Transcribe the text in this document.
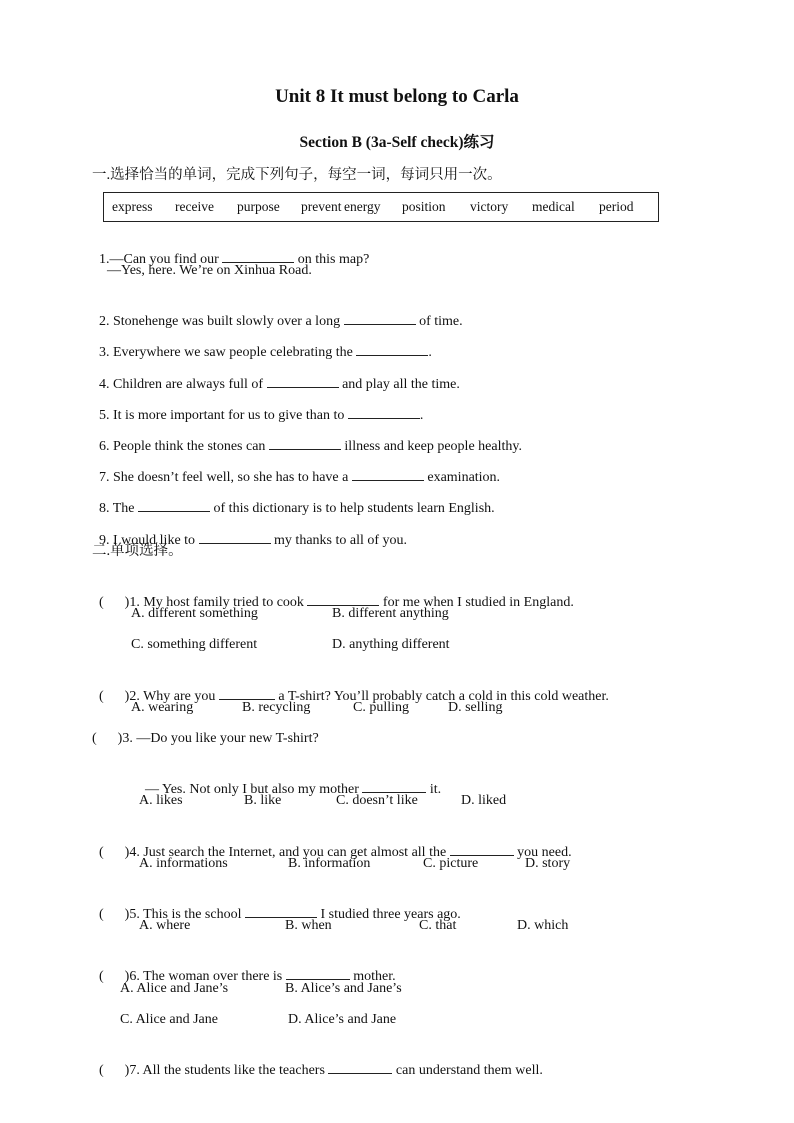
Unit 8 It must belong to Carla
Section B (3a-Self check)练习
一.选择恰当的单词，完成下列句子，每空一词，每词只用一次。
express receive purpose prevent energy position victory medical period

1.—Can you find our	on this map?

—Yes, here. We’re on Xinhua Road.

2. Stonehenge was built slowly over a long	of time.

3. Everywhere we saw people celebrating the	.

4. Children are always full of	and play all the time.

5. It is more important for us to give than to	.

6. People think the stones can	illness and keep people healthy.

7. She doesn’t feel well, so she has to have a	examination.

8. The	of this dictionary is to help students learn English.

9. I would like to	my thanks to all of you.

二.单项选择。

(      )1. My host family tried to cook	for me when I studied in England.

A. different something	B. different anything
C. something different	D. anything different

(      )2. Why are you	a T-shirt? You’ll probably catch a cold in this cold weather.

A. wearing	B. recycling	C. pulling	D. selling
(      )3. —Do you like your new T-shirt?

— Yes. Not only I but also my mother	it.

A. likes	B. like	C. doesn’t like	D. liked

(      )4. Just search the Internet, and you can get almost all the	you need.

A. informations	B. information	C. picture	D. story

(      )5. This is the school	I studied three years ago.

A. where	B. when	C. that	D. which

(      )6. The woman over there is	mother.

A. Alice and Jane’s	B. Alice’s and Jane’s
C. Alice and Jane	D. Alice’s and Jane

(      )7. All the students like the teachers	can understand them well.
